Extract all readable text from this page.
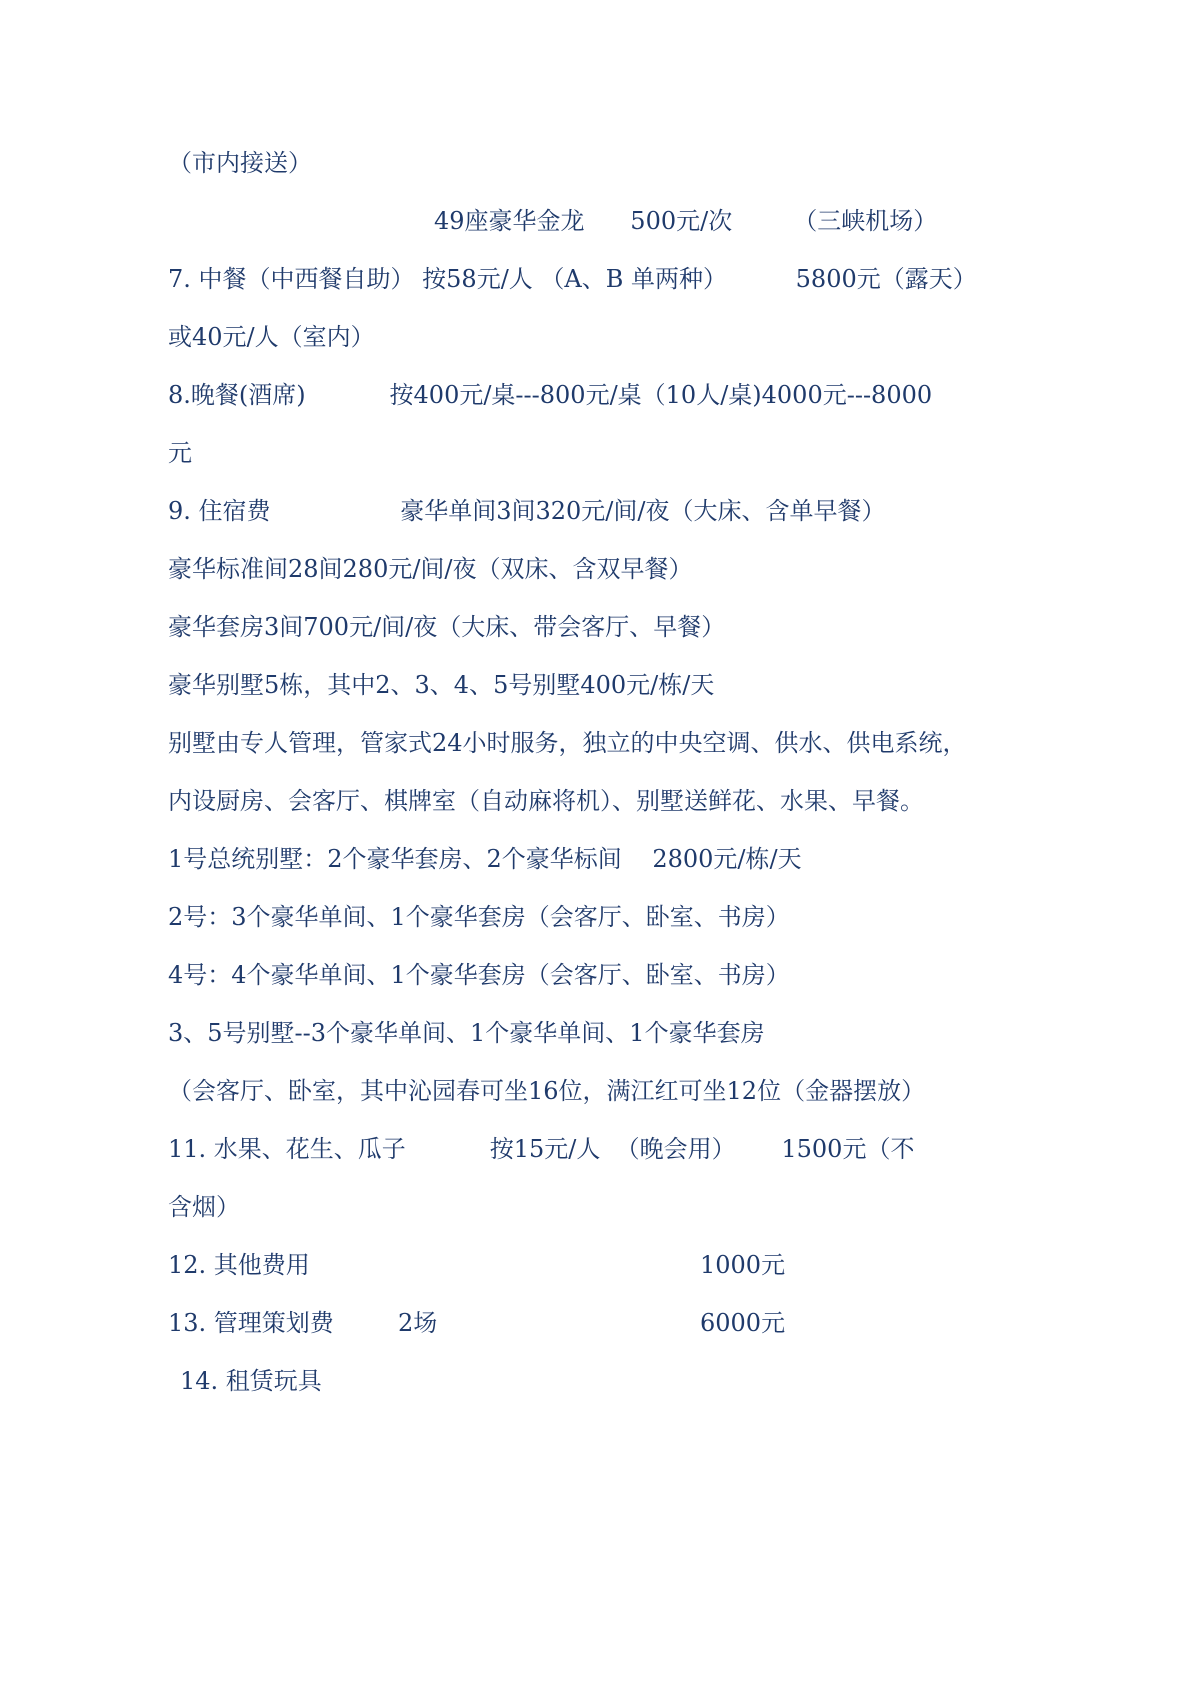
（市内接送）
49座豪华金龙      500元/次        （三峡机场）
7. 中餐（中西餐自助） 按58元/人 （A、B 单两种）         5800元（露天）
或40元/人（室内）
8.晚餐(酒席)           按400元/桌---800元/桌（10人/桌)4000元---8000
元
9. 住宿费                 豪华单间3间320元/间/夜（大床、含单早餐）
豪华标准间28间280元/间/夜（双床、含双早餐）
豪华套房3间700元/间/夜（大床、带会客厅、早餐）
豪华别墅5栋，其中2、3、4、5号别墅400元/栋/天
别墅由专人管理，管家式24小时服务，独立的中央空调、供水、供电系统，
内设厨房、会客厅、棋牌室（自动麻将机）、别墅送鲜花、水果、早餐。
1号总统别墅：2个豪华套房、2个豪华标间    2800元/栋/天
2号：3个豪华单间、1个豪华套房（会客厅、卧室、书房）
4号：4个豪华单间、1个豪华套房（会客厅、卧室、书房）
3、5号别墅--3个豪华单间、1个豪华单间、1个豪华套房
（会客厅、卧室，其中沁园春可坐16位，满江红可坐12位（金器摆放）
11. 水果、花生、瓜子           按15元/人  （晚会用）      1500元（不
含烟）
12. 其他费用	1000元
13. 管理策划费	2场	6000元
14. 租赁玩具
